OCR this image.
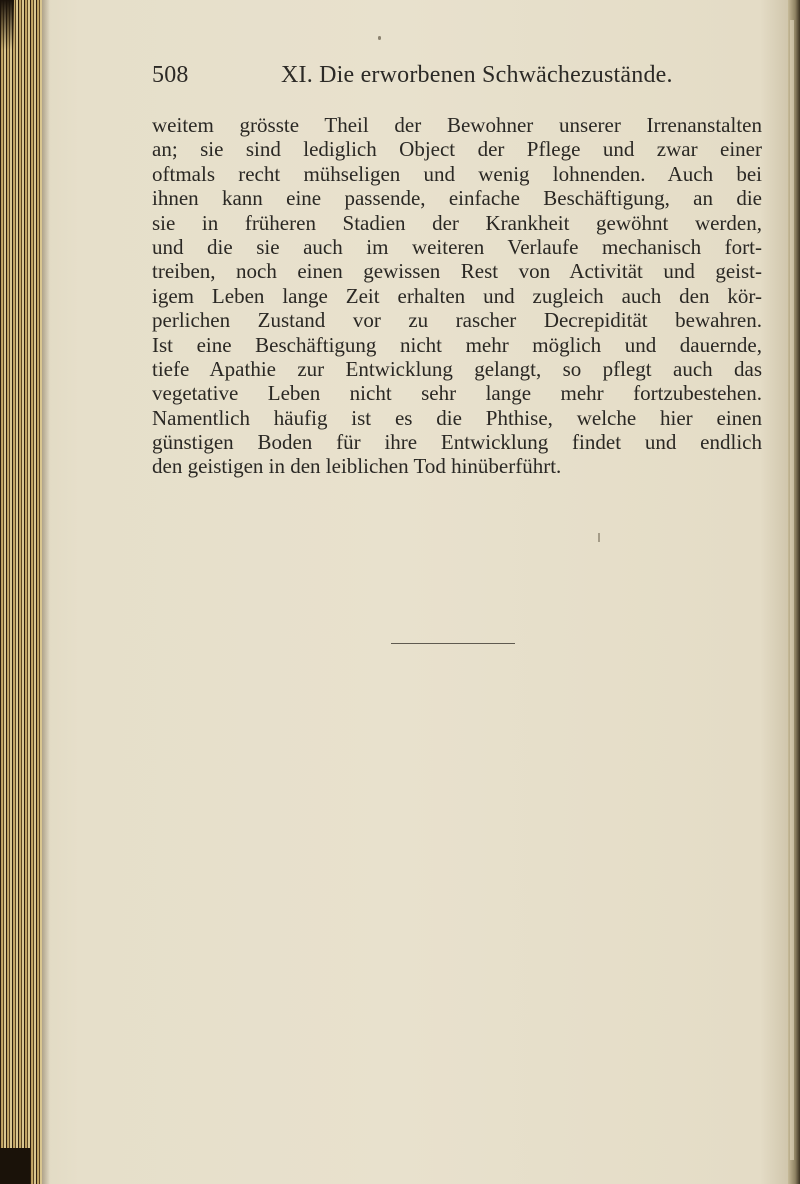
508	XI. Die erworbenen Schwächezustände.
weitem grösste Theil der Bewohner unserer Irrenanstalten
an; sie sind lediglich Object der Pflege und zwar einer
oftmals recht mühseligen und wenig lohnenden. Auch bei
ihnen kann eine passende, einfache Beschäftigung, an die
sie in früheren Stadien der Krankheit gewöhnt werden,
und die sie auch im weiteren Verlaufe mechanisch fort-
treiben, noch einen gewissen Rest von Activität und geist-
igem Leben lange Zeit erhalten und zugleich auch den kör-
perlichen Zustand vor zu rascher Decrepidität bewahren.
Ist eine Beschäftigung nicht mehr möglich und dauernde,
tiefe Apathie zur Entwicklung gelangt, so pflegt auch das
vegetative Leben nicht sehr lange mehr fortzubestehen.
Namentlich häufig ist es die Phthise, welche hier einen
günstigen Boden für ihre Entwicklung findet und endlich
den geistigen in den leiblichen Tod hinüberführt.
